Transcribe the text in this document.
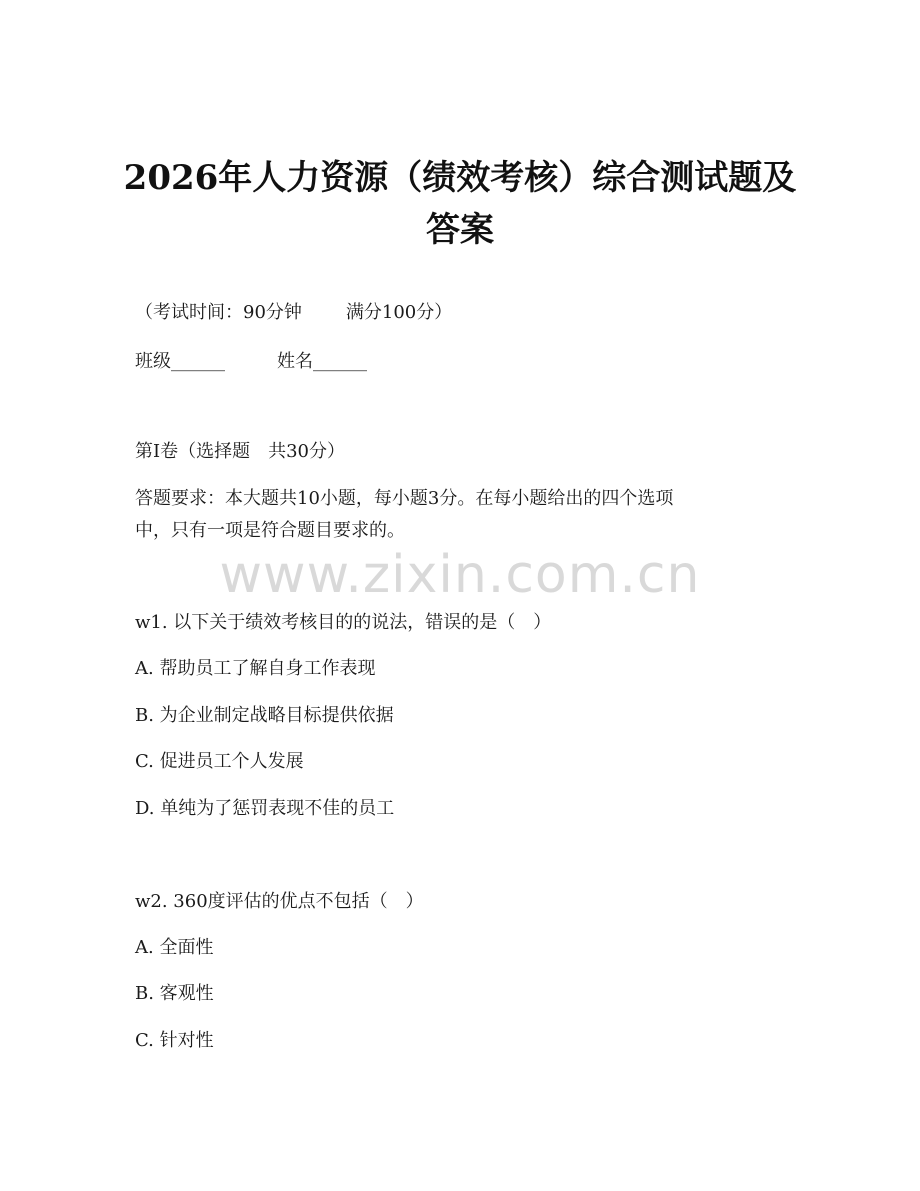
2026年人力资源（绩效考核）综合测试题及
答案
（考试时间：90分钟 满分100分）
班级______	姓名______
第Ⅰ卷（选择题　共30分）
答题要求：本大题共10小题，每小题3分。在每小题给出的四个选项
中，只有一项是符合题目要求的。
www.zixin.com.cn
w1. 以下关于绩效考核目的的说法，错误的是（　）
A. 帮助员工了解自身工作表现
B. 为企业制定战略目标提供依据
C. 促进员工个人发展
D. 单纯为了惩罚表现不佳的员工
w2. 360度评估的优点不包括（　）
A. 全面性
B. 客观性
C. 针对性
